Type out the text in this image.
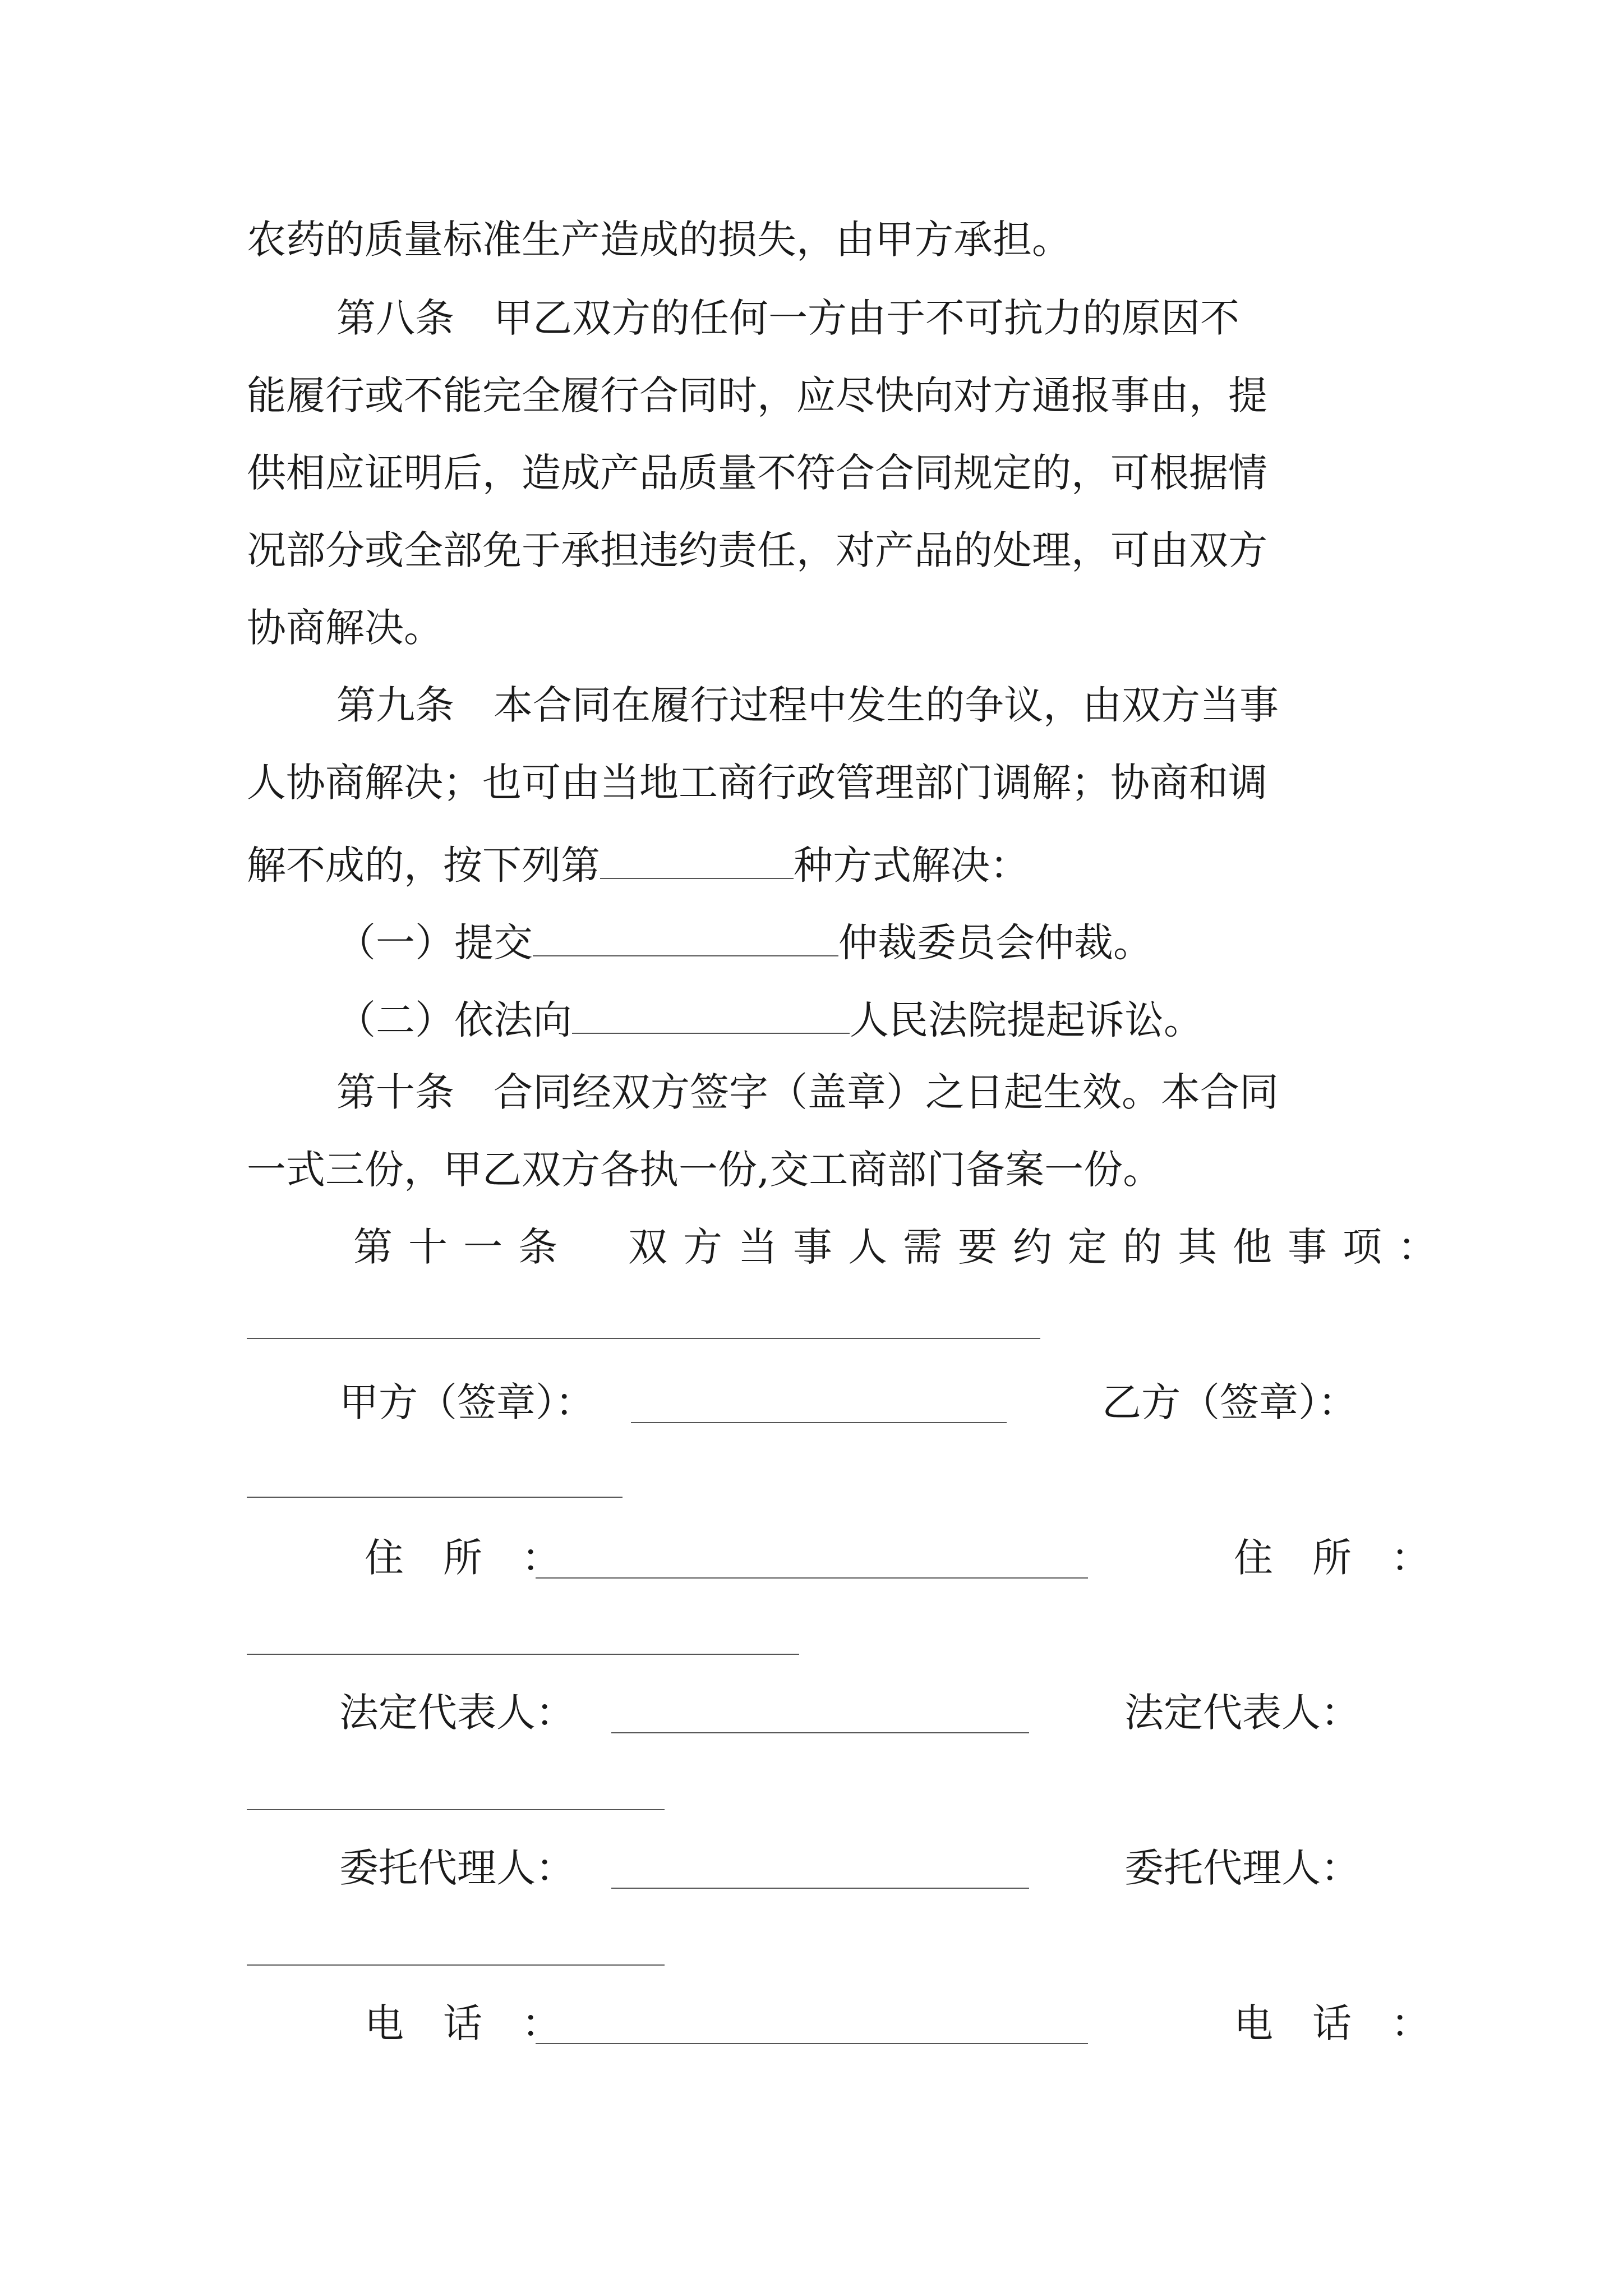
农药的质量标准生产造成的损失，由甲方承担。
第八条　甲乙双方的任何一方由于不可抗力的原因不
能履行或不能完全履行合同时，应尽快向对方通报事由，提
供相应证明后，造成产品质量不符合合同规定的，可根据情
况部分或全部免于承担违约责任，对产品的处理，可由双方
协商解决。
第九条　本合同在履行过程中发生的争议，由双方当事
人协商解决；也可由当地工商行政管理部门调解；协商和调
解不成的，按下列第	种方式解决：
（一）提交	仲裁委员会仲裁。
（二）依法向	人民法院提起诉讼。
第十条　合同经双方签字（盖章）之日起生效。本合同
一式三份，甲乙双方各执一份,交工商部门备案一份。
第十一条　双方当事人需要约定的其他事项：
甲方（签章）：	乙方（签章）：
住　所　：	住　所　：
法定代表人：	法定代表人：
委托代理人：	委托代理人：
电　话　：	电　话　：
